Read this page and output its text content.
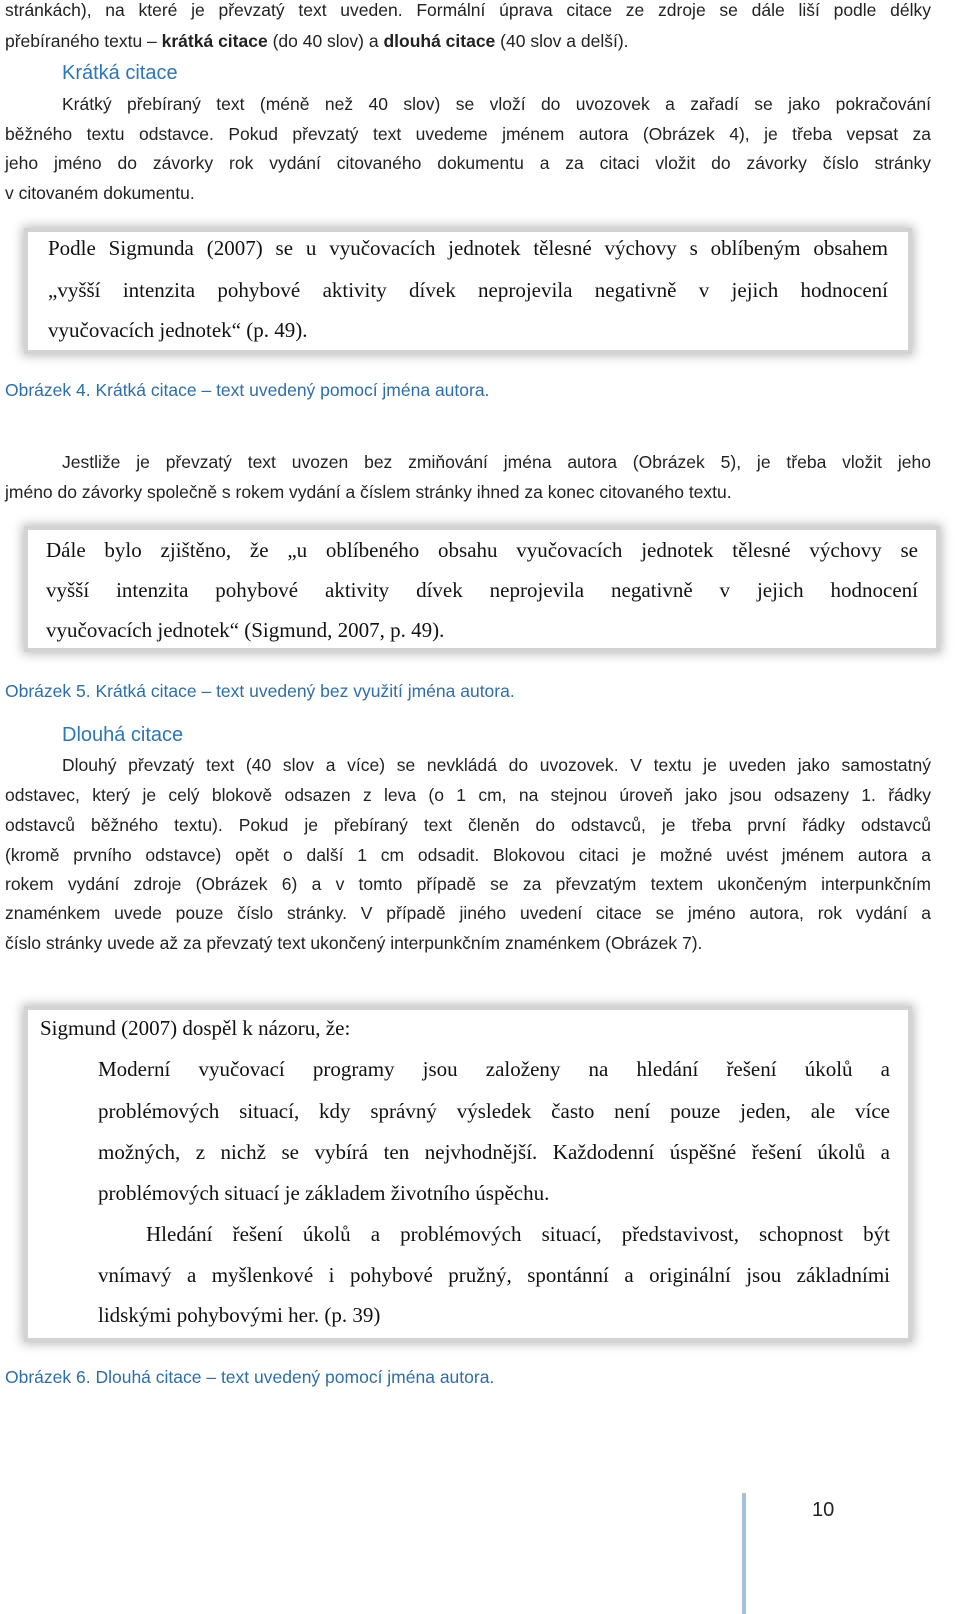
stránkách), na které je převzatý text uveden. Formální úprava citace ze zdroje se dále liší podle délky
přebíraného textu – krátká citace (do 40 slov) a dlouhá citace (40 slov a delší).
Krátká citace
Krátký přebíraný text (méně než 40 slov) se vloží do uvozovek a zařadí se jako pokračování
běžného textu odstavce. Pokud převzatý text uvedeme jménem autora (Obrázek 4), je třeba vepsat za
jeho jméno do závorky rok vydání citovaného dokumentu a za citaci vložit do závorky číslo stránky
v citovaném dokumentu.
Podle Sigmunda (2007) se u vyučovacích jednotek tělesné výchovy s oblíbeným obsahem
„vyšší intenzita pohybové aktivity dívek neprojevila negativně v jejich hodnocení
vyučovacích jednotek“ (p. 49).
Obrázek 4. Krátká citace – text uvedený pomocí jména autora.
Jestliže je převzatý text uvozen bez zmiňování jména autora (Obrázek 5), je třeba vložit jeho
jméno do závorky společně s rokem vydání a číslem stránky ihned za konec citovaného textu.
Dále bylo zjištěno, že „u oblíbeného obsahu vyučovacích jednotek tělesné výchovy se
vyšší intenzita pohybové aktivity dívek neprojevila negativně v jejich hodnocení
vyučovacích jednotek“ (Sigmund, 2007, p. 49).
Obrázek 5. Krátká citace – text uvedený bez využití jména autora.
Dlouhá citace
Dlouhý převzatý text (40 slov a více) se nevkládá do uvozovek. V textu je uveden jako samostatný
odstavec, který je celý blokově odsazen z leva (o 1 cm, na stejnou úroveň jako jsou odsazeny 1. řádky
odstavců běžného textu). Pokud je přebíraný text členěn do odstavců, je třeba první řádky odstavců
(kromě prvního odstavce) opět o další 1 cm odsadit. Blokovou citaci je možné uvést jménem autora a
rokem vydání zdroje (Obrázek 6) a v tomto případě se za převzatým textem ukončeným interpunkčním
znaménkem uvede pouze číslo stránky. V případě jiného uvedení citace se jméno autora, rok vydání a
číslo stránky uvede až za převzatý text ukončený interpunkčním znaménkem (Obrázek 7).
Sigmund (2007) dospěl k názoru, že:
Moderní vyučovací programy jsou založeny na hledání řešení úkolů a
problémových situací, kdy správný výsledek často není pouze jeden, ale více
možných, z nichž se vybírá ten nejvhodnější. Každodenní úspěšné řešení úkolů a
problémových situací je základem životního úspěchu.
Hledání řešení úkolů a problémových situací, představivost, schopnost být
vnímavý a myšlenkové i pohybové pružný, spontánní a originální jsou základními
lidskými pohybovými her. (p. 39)
Obrázek 6. Dlouhá citace – text uvedený pomocí jména autora.
10
